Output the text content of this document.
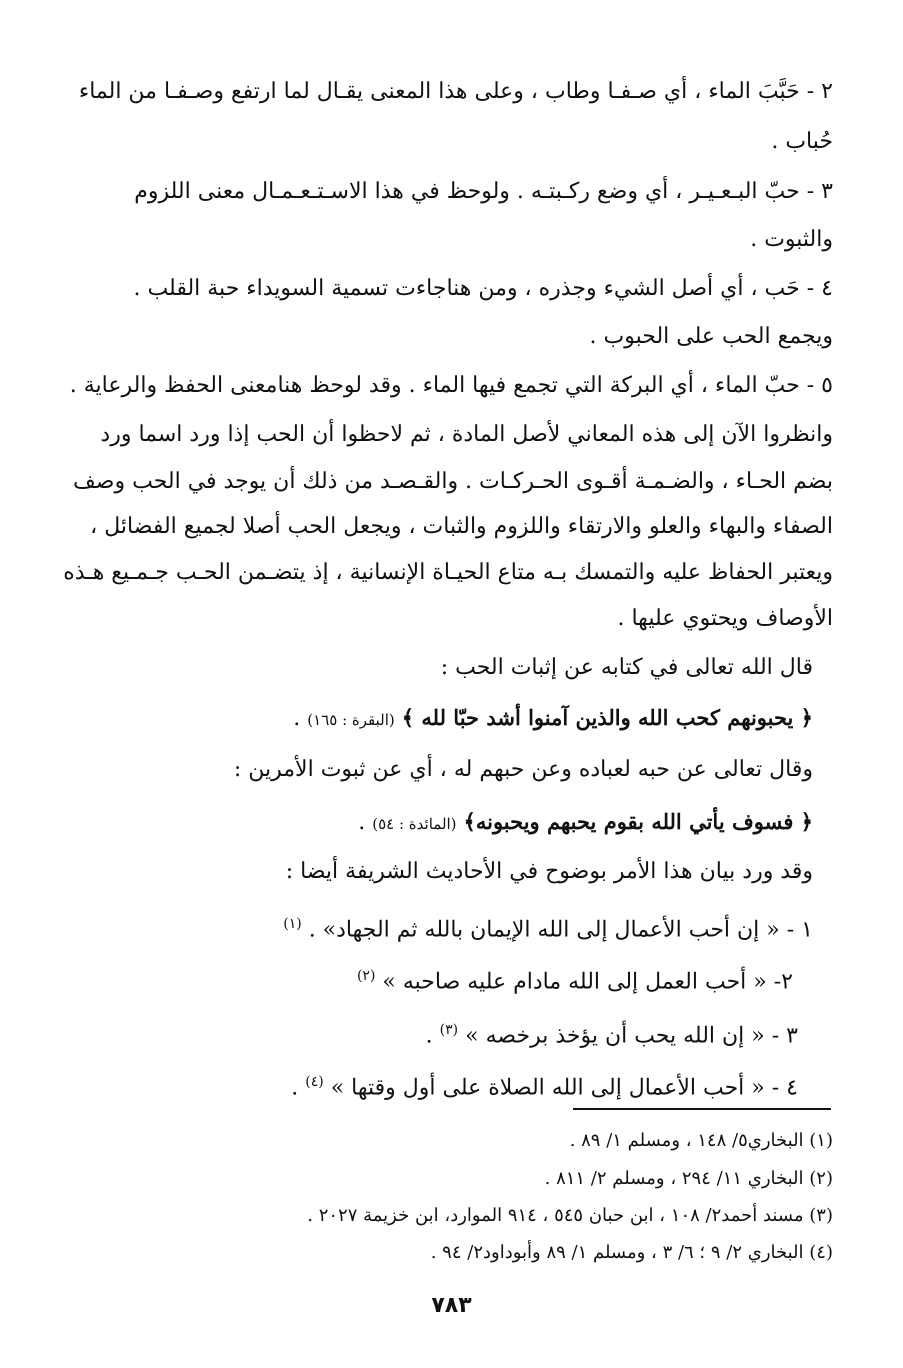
٢ - حَبَّبَ الماء ، أي صـفـا وطاب ، وعلى هذا المعنى يقـال لما ارتفع وصـفـا من الماء
حُباب .
٣ - حبّ البـعـيـر ، أي وضع ركـبتـه . ولوحظ في هذا الاسـتـعـمـال معنى اللزوم
والثبوت .
٤ - حَب ، أي أصل الشيء وجذره ، ومن هناجاءت تسمية السويداء حبة القلب .
ويجمع الحب على الحبوب .
٥ - حبّ الماء ، أي البركة التي تجمع فيها الماء . وقد لوحظ هنامعنى الحفظ والرعاية .
وانظروا الآن إلى هذه المعاني لأصل المادة ، ثم لاحظوا أن الحب إذا ورد اسما ورد
بضم الحـاء ، والضـمـة أقـوى الحـركـات . والقـصـد من ذلك أن يوجد في الحب وصف
الصفاء والبهاء والعلو والارتقاء واللزوم والثبات ، ويجعل الحب أصلا لجميع الفضائل ،
ويعتبر الحفاظ عليه والتمسك بـه متاع الحيـاة الإنسانية ، إذ يتضـمن الحـب جـمـيع هـذه
الأوصاف ويحتوي عليها .
قال الله تعالى في كتابه عن إثبات الحب :
﴿ يحبونهم كحب الله والذين آمنوا أشد حبّا لله ﴾ (البقرة : ١٦٥) .
وقال تعالى عن حبه لعباده وعن حبهم له ، أي عن ثبوت الأمرين :
﴿ فسوف يأتي الله بقوم يحبهم ويحبونه﴾ (المائدة : ٥٤) .
وقد ورد بيان هذا الأمر بوضوح في الأحاديث الشريفة أيضا :
١ - « إن أحب الأعمال إلى الله الإيمان بالله ثم الجهاد» . $^{(١)}$
٢- « أحب العمل إلى الله مادام عليه صاحبه » $^{(٢)}$
٣ - « إن الله يحب أن يؤخذ برخصه » $^{(٣)}$ .
٤ - « أحب الأعمال إلى الله الصلاة على أول وقتها » $^{(٤)}$ .
(١) البخاري٥/ ١٤٨ ، ومسلم ١/ ٨٩ .
(٢) البخاري ١١/ ٢٩٤ ، ومسلم ٢/ ٨١١ .
(٣) مسند أحمد٢/ ١٠٨ ، ابن حبان ٥٤٥ ، ٩١٤ الموارد، ابن خزيمة ٢٠٢٧ .
(٤) البخاري ٢/ ٩ ؛ ٦/ ٣ ، ومسلم ١/ ٨٩ وأبوداود٢/ ٩٤ .
٧٨٣
